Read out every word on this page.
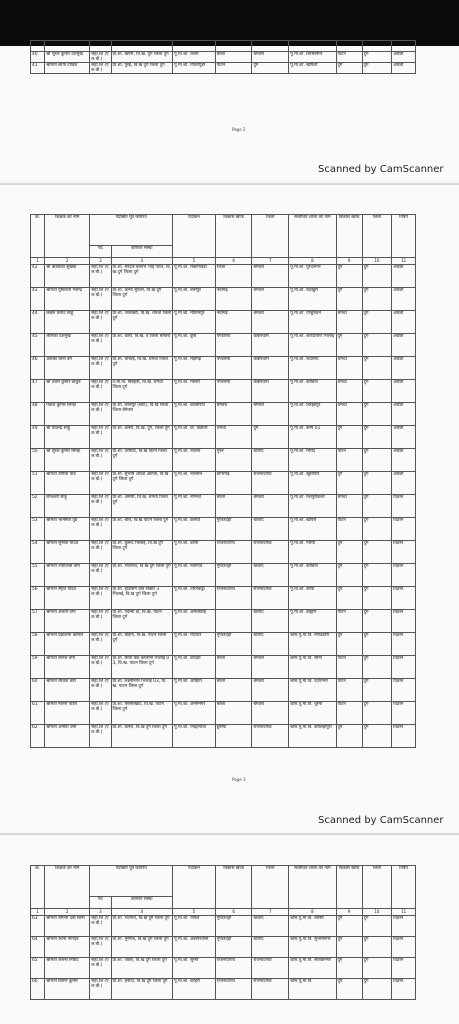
40	श्री सुरेश कुमार देशमुख	सहा.शि (एल.बी.)	प्रा.शा. खपरी, वि.ख. दुर्ग जिला दुर्ग	पू.मा.शा. तेलरा	बेरला	बेमेतरा	पू.मा.शा. बिरसिनगर	पाटन	दुर्ग	अंग्रेजी
41	श्रीमती छाया टांडिल	सहा.शि (एल.बी.)	प्रा.शा. पुरई, वि.ख दुर्ग जिला दुर्ग	पू.मा.शा. गोवरोपुडी	पाटन	दुर्ग	पू.मा.शा. खोपली	दुर्ग	दुर्ग	अंग्रेजी
Page 2
Scanned by CamScanner
क्र.	शिक्षक का नाम	पदोन्नति पूर्व कार्यरत		पदांकन	विकास खण्ड	जिला	संशोधित शाला का नाम	विकास खण्ड	जिला	विषय
		पद	कार्यरत संस्था							
1	2	3	4	5	6	7	8	9	10	11
42	श्री ऋत्विका सुखवा	सहा.शि (एल.बी.)	प्रा.शा. सरदार वल्लभ भाई पटेल, वि.ख दुर्ग जिला दुर्ग	पू.मा.शा. मेकागाँवडा	साजा	बेमेतरा	पू.मा.शा. पुरदानगर	दुर्ग	दुर्ग	अंग्रेजी
43	श्रीमती पुष्पलता गजेन्द्र	सहा.शि (एल.बी.)	प्रा.शा. कन्या सुवेला, वि.ख दुर्ग जिला दुर्ग	पू.मा.शा. बासपुर	नवागढ़	बेमेतरा	पू.मा.शा. चंदखुरी	दुर्ग	दुर्ग	अंग्रेजी
44	लखन प्रसाद साहू	सहा.शि (एल.बी.)	प्रा.शा. जातखर्री, वि.ख. धमधा जिला दुर्ग	पू.मा.शा. मोतिमपुर	नवागढ़	बेमेतरा	पू.मा.शा. पेण्डूरावन	धमधा	दुर्ग	अंग्रेजी
45	लोरिका देशमुख	सहा.शि (एल.बी.)	प्रा.शा. कोरा, वि.ख. व जिला बेमेतरा	पू.मा.शा. कुरी	पण्डरिया	कबीरधाम	पू.मा.शा. शारदापारा भिलाई	दुर्ग	दुर्ग	अंग्रेजी
46	अलका बानो बेग	सहा.शि (एल.बी.)	प्रा.शा. धमधई, वि.ख. धमधा जिला दुर्ग	पू.मा.शा. मेड़ागढ़	पण्डरिया	कबीरधाम	पू.मा.शा. फदरिया	धमधा	दुर्ग	अंग्रेजी
47	श्री उत्तम कुमार ठाकुर	सहा.शि (एल.बी.)	उ.मा.वि. बिरझरी, वि.ख. धमधा जिला दुर्ग	पू.मा.शा. मासरी	पण्डरिया	कबीरधाम	पू.मा.शा. कोडिया	धमधा	दुर्ग	अंग्रेजी
48	पंकज कुमार सिन्हा	सहा.शि (एल.बी.)	प्रा.शा. लालपुर (छोटे), वि.ख साजा जिला बेमेतरा	पू.मा.शा. कातीरिया	बेमेतरा	बेमेतरा	पू.मा.शा. बिरझापुर	धमधा	दुर्ग	अंग्रेजी
49	श्री टिकेन्द्र साहू	सहा.शि (एल.बी.)	प्रा.शा. कनेरा, वि.ख. दुर्ग, जिला दुर्ग	पू.मा.शा. ग्रा. डिंडोला	धमधा	दुर्ग	पू.मा.शा. केम्प 01	दुर्ग	दुर्ग	अंग्रेजी
50	श्री सुरेश कुमार सिन्हा	सहा.शि (एल.बी.)	प्रा.शा. तर्रीघाट, वि.ख पाटन जिला दुर्ग	पू.मा.शा. नवतरा	गुरुर	बालोद	पू.मा.शा. मोरीद	पाटन	दुर्ग	अंग्रेजी
51	श्रीमती उर्मिला पांडे	सहा.शि (एल.बी.)	प्रा.शा. सुभाष आदर्श अंग्रेजी, वि.ख दुर्ग जिला दुर्ग	पू.मा.शा. नालसेन	डोंगरगढ़	राजनांदगांव	पू.मा.शा. खुर्सीपार	दुर्ग	दुर्ग	अंग्रेजी
52	रामेश्वरी साहू	सहा.शि (एल.बी.)	प्रा.शा. अमोरी, वि.ख. धमधा जिला दुर्ग	पू.मा.शा. नागनवे	बेरला	बेमेतरा	पू.मा.शा. मलपुरीकला	धमधा	दुर्ग	विज्ञान
53	श्रीमती भानमति तुडे	सहा.शि (एल.बी.)	प्रा.शा. बोरी, वि.ख पाटन जिला दुर्ग	पू.मा.शा. कलेवा	गुण्डरदेही	बालोद	पू.मा.शा. खापरी	पाटन	दुर्ग	विज्ञान
54	श्रीमती सुनीता यादव	सहा.शि (एल.बी.)	प्रा.शा. कुरूद भिलाई, वि.ख दुर्ग जिला दुर्ग	पू.मा.शा. कोपा	राजनांदगांव	राजनांदगांव	पू.मा.शा. गोरपा	दुर्ग	दुर्ग	विज्ञान
55	श्रीमती ज्योतिश्री वर्मा	सहा.शि (एल.बी.)	प्रा.शा. भाटगांव, वि.ख दुर्ग जिला दुर्ग	पू.मा.शा. नवागांव	गुण्डरदेही	बालोद	पू.मा.शा. कोडिया	दुर्ग	दुर्ग	विज्ञान
56	श्रीमती स्मृति यादव	सहा.शि (एल.बी.)	प्रा.शा. हाउसिंग बोर्ड सेक्टर 3 भिलाई, वि.ख दुर्ग जिला दुर्ग	पू.मा.शा. तोरनकट्टा	राजनांदगांव	राजनांदगांव	पू.मा.शा. कोपा	दुर्ग	दुर्ग	विज्ञान
57	श्रीमती आरती वर्मा	सहा.शि (एल.बी.)	प्रा.शा. पदम्मा डा, वि.ख. पाटन जिला दुर्ग	पू.मा.शा. अमलीडीह		बालोद	पू.मा.शा. ब्राह्मण	पाटन	दुर्ग	विज्ञान
58	श्रीमती प्रज्ञाशमी कोसले	सहा.शि (एल.बी.)	प्रा.शा. डिड़गा, वि.ख. पाटन जिला दुर्ग	पू.मा.शा. गोटवार	गुण्डरदेही	बालोद	शास.पू.मा.वि. नौगढडोरी	दुर्ग	दुर्ग	विज्ञान
59	श्रीमती सरोज वर्मा	सहा.शि (एल.बी.)	प्रा.शा. सिया बैंक कालोनी भिलाई 03, वि.ख. पाटन जिला दुर्ग	पू.मा.शा. कोदवा	बेरला	बेमेतरा	शास.पू.मा.वि. सोनी	पाटन	दुर्ग	विज्ञान
60	श्रीमती सविता कोर	सहा.शि (एल.बी.)	प्रा.शा. लक्ष्मीनगर भिलाई 03, वि.ख. पाटन जिला दुर्ग	पू.मा.शा. ओड़िया	बेरला	बेमेतरा	शास.पू.मा.वि. उदयनगर	पाटन	दुर्ग	विज्ञान
61	श्रीमती नीलम पांडेय	सहा.शि (एल.बी.)	प्रा.शा. सिरसाखाट, वि.ख. पाटन जिला दुर्ग	पू.मा.शा. अनमनगर	बेरला	बेमेतरा	शास.पू.मा.वि. धुरेना	पाटन	दुर्ग	विज्ञान
62	श्रीमती अनीता वर्मा	सहा.शि (एल.बी.)	प्रा.शा. कनेरा, वि.ख दुर्ग जिला दुर्ग	पू.मा.शा. पन्द्रहगांवी	छुरिया	राजनांदगांव	शास.पू.मा.वि. कोलिहापुरी	दुर्ग	दुर्ग	विज्ञान
Page 3
Scanned by CamScanner
क्र.	शिक्षक का नाम	पदोन्नति पूर्व कार्यरत		पदांकन	विकास खण्ड	जिला	संशोधित शाला का नाम	विकास खण्ड	जिला	विषय
		पद	कार्यरत संस्था							
1	2	3	4	5	6	7	8	9	10	11
63	श्रीमती रागिनी देवी सोनी	सहा.शि (एल.बी.)	प्रा.शा. भटगांव, वि.ख दुर्ग जिला दुर्ग	पू.मा.शा. पीपेल	गुण्डरदेही	बालोद	शास.पू.मा.वि. बोरसी	दुर्ग	दुर्ग	विज्ञान
64	श्रीमती रचना नागदेवे	सहा.शि (एल.बी.)	प्रा.शा. मुरगांव, वि.ख दुर्ग जिला दुर्ग	पू.मा.शा. अंडापरवानी	गुण्डरदेही	बालोद	शास.पू.मा.वि. सुभाषनगर	दुर्ग	दुर्ग	विज्ञान
65	श्रीमती ललना निषाद	सहा.शि (एल.बी.)	प्रा.शा. जेवरा, वि.ख दुर्ग जिला दुर्ग	पू.मा.शा. सुरगी	राजनांदगांव	राजनांदगांव	शास.पू.मा.वि. सबित्रानगर	दुर्ग	दुर्ग	विज्ञान
66	श्रीमती किरण कुमार	सहा.शि (एल.बी.)	प्रा.शा. हनोदा, वि.ख दुर्ग जिला दुर्ग	पू.मा.शा. कौहरी	राजनांदगांव	राजनांदगांव	शास.पू.मा.वि.	दुर्ग	दुर्ग	विज्ञान
